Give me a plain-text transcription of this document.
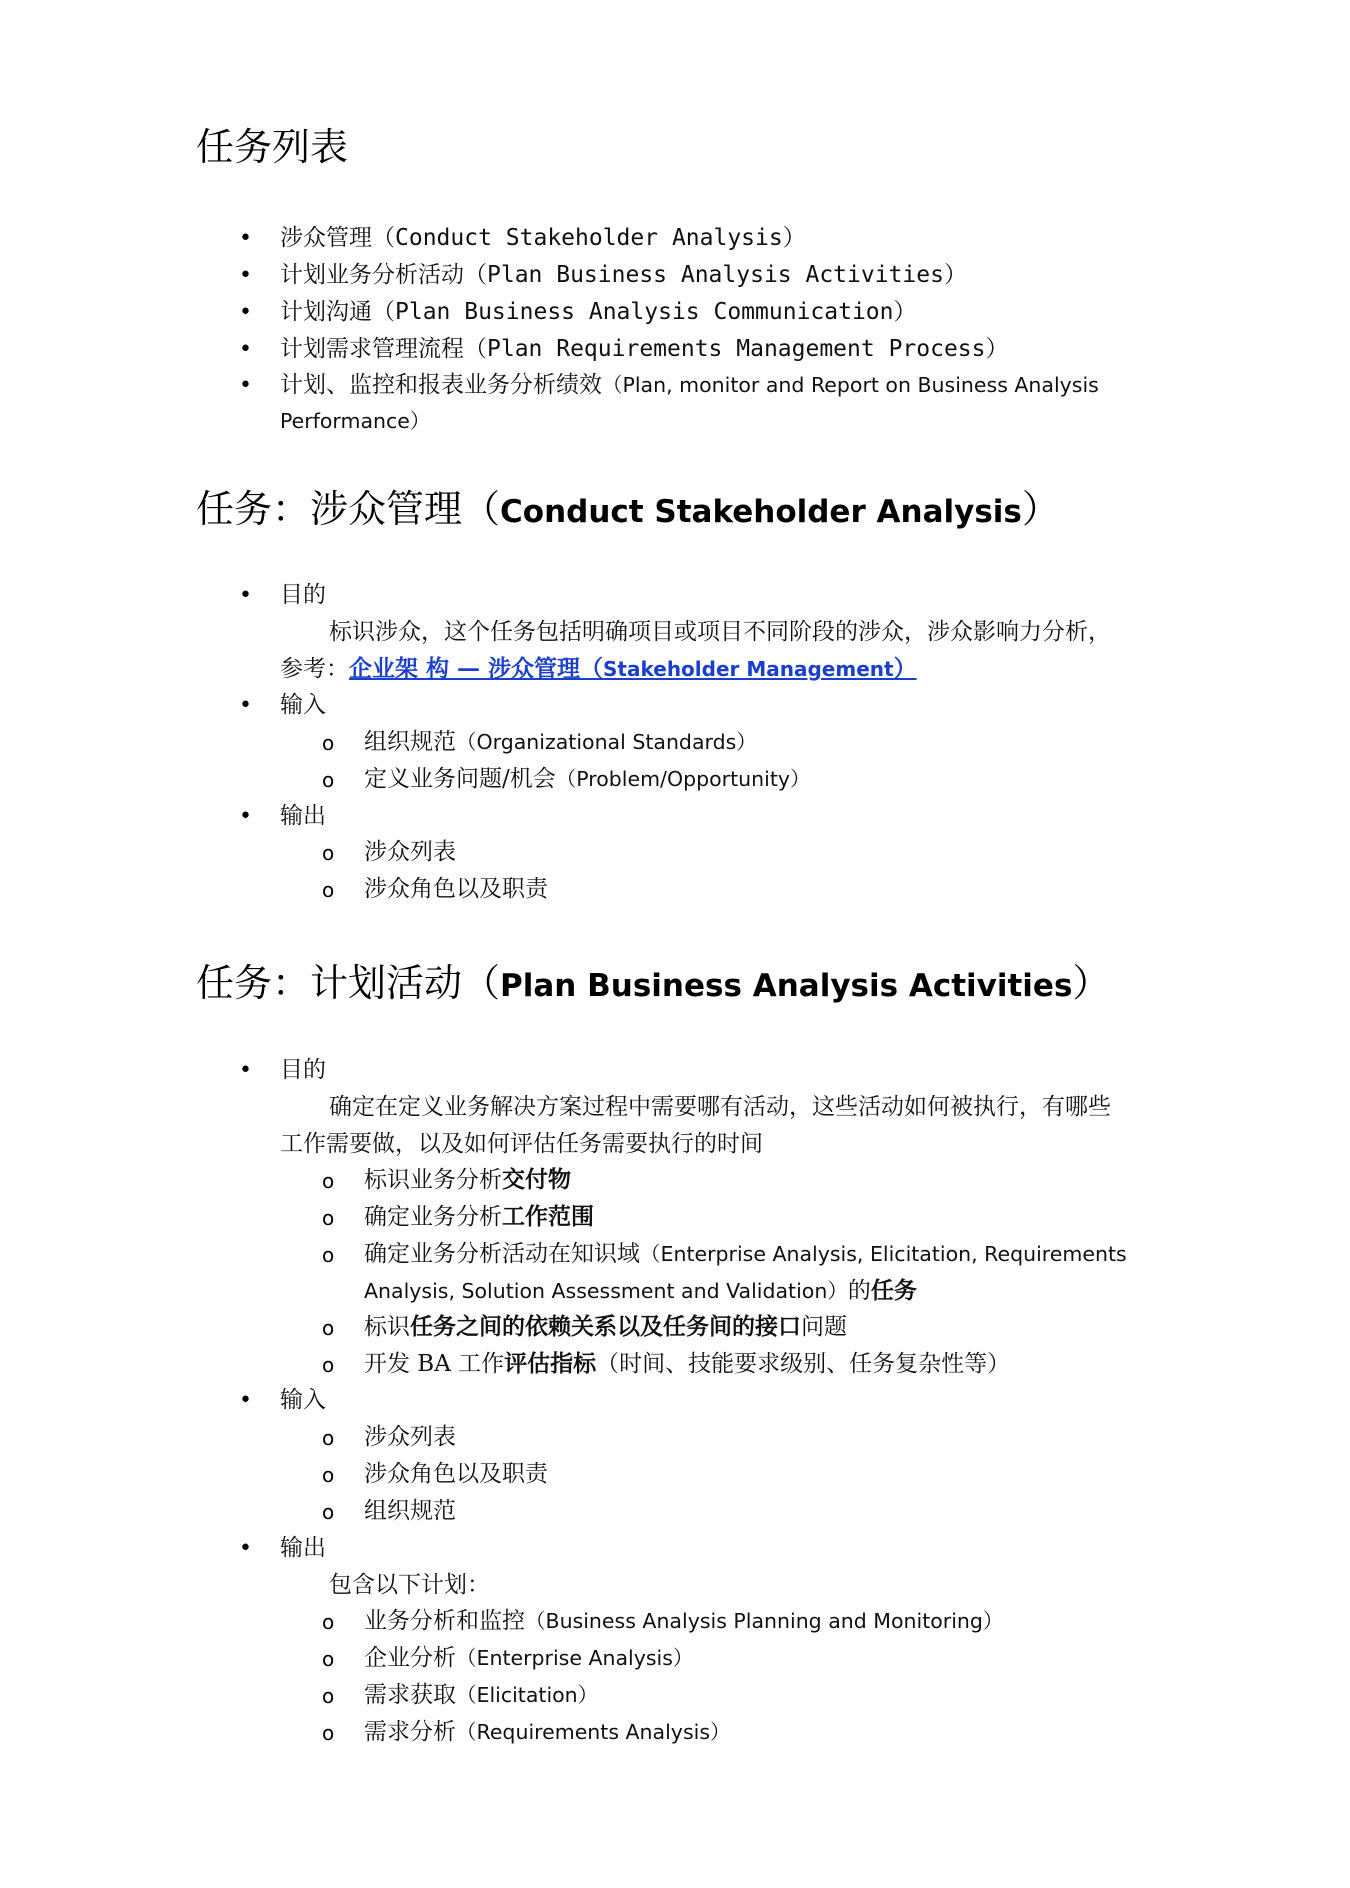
任务列表
• 涉众管理（Conduct Stakeholder Analysis）
• 计划业务分析活动（Plan Business Analysis Activities）
• 计划沟通（Plan Business Analysis Communication）
• 计划需求管理流程（Plan Requirements Management Process）
• 计划、监控和报表业务分析绩效（Plan, monitor and Report on Business Analysis
Performance）
任务：涉众管理（Conduct Stakeholder Analysis）
• 目的
标识涉众，这个任务包括明确项目或项目不同阶段的涉众，涉众影响力分析，
参考：企业架 构 — 涉众管理（Stakeholder Management）
• 输入
o 组织规范（Organizational Standards）
o 定义业务问题/机会（Problem/Opportunity）
• 输出
o 涉众列表
o 涉众角色以及职责
任务：计划活动（Plan Business Analysis Activities）
• 目的
确定在定义业务解决方案过程中需要哪有活动，这些活动如何被执行，有哪些
工作需要做，以及如何评估任务需要执行的时间
o 标识业务分析交付物
o 确定业务分析工作范围
o 确定业务分析活动在知识域（Enterprise Analysis, Elicitation, Requirements
Analysis, Solution Assessment and Validation）的任务
o 标识任务之间的依赖关系以及任务间的接口问题
o 开发 BA 工作评估指标（时间、技能要求级别、任务复杂性等）
• 输入
o 涉众列表
o 涉众角色以及职责
o 组织规范
• 输出
包含以下计划：
o 业务分析和监控（Business Analysis Planning and Monitoring）
o 企业分析（Enterprise Analysis）
o 需求获取（Elicitation）
o 需求分析（Requirements Analysis）
